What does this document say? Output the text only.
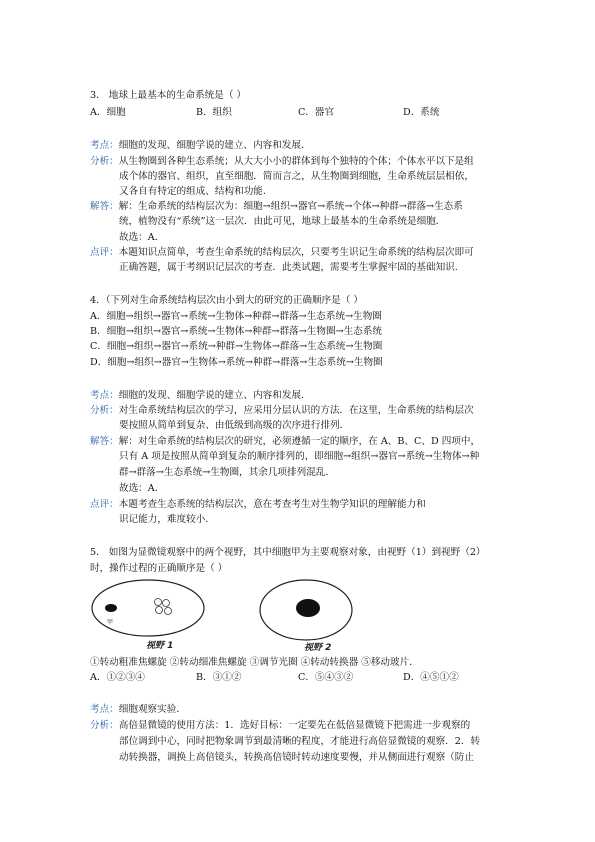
3． 地球上最基本的生命系统是（ ）
A．细胞	B．组织	C．器官	D．系统
考点：细胞的发现、细胞学说的建立、内容和发展．
分析：从生物圈到各种生态系统；从大大小小的群体到每个独特的个体；个体水平以下是组
成个体的器官、组织，直至细胞．简而言之，从生物圈到细胞，生命系统层层相依，
又各自有特定的组成、结构和功能．
解答：解：生命系统的结构层次为：细胞→组织→器官→系统→个体→种群→群落→生态系
统，植物没有“系统”这一层次．由此可见，地球上最基本的生命系统是细胞．
故选：A．
点评：本题知识点简单，考查生命系统的结构层次，只要考生识记生命系统的结构层次即可
正确答题，属于考纲识记层次的考查．此类试题，需要考生掌握牢固的基础知识．
4．（下列对生命系统结构层次由小到大的研究的正确顺序是（ ）
A．细胞→组织→器官→系统→生物体→种群→群落→生态系统→生物圈
B．细胞→组织→器官→系统→生物体→种群→群落→生物圈→生态系统
C．细胞→组织→器官→系统→种群→生物体→群落→生态系统→生物圈
D．细胞→组织→器官→生物体→系统→种群→群落→生态系统→生物圈
考点：细胞的发现、细胞学说的建立、内容和发展．
分析：对生命系统结构层次的学习，应采用分层认识的方法．在这里，生命系统的结构层次
要按照从简单到复杂、由低级到高级的次序进行排列．
解答：解：对生命系统的结构层次的研究，必须遵循一定的顺序，在 A、B、C、D 四项中，
只有 A 项是按照从简单到复杂的顺序排列的，即细胞→组织→器官→系统→生物体→种
群→群落→生态系统→生物圈，其余几项排列混乱．
故选：A．
点评：本题考查生态系统的结构层次，意在考查考生对生物学知识的理解能力和
识记能力，难度较小．
5． 如图为显微镜观察中的两个视野，其中细胞甲为主要观察对象，由视野（1）到视野（2）
时，操作过程的正确顺序是（ ）
甲
视野 1	视野 2
①转动粗准焦螺旋 ②转动细准焦螺旋 ③调节光圈 ④转动转换器 ⑤移动玻片．
A．①②③④	B．③①②	C．⑤④③②	D．④⑤①②
考点：细胞观察实验．
分析：高倍显微镜的使用方法：1．选好目标：一定要先在低倍显微镜下把需进一步观察的
部位调到中心，同时把物象调节到最清晰的程度，才能进行高倍显微镜的观察．2．转
动转换器，调换上高倍镜头，转换高倍镜时转动速度要慢，并从侧面进行观察（防止
